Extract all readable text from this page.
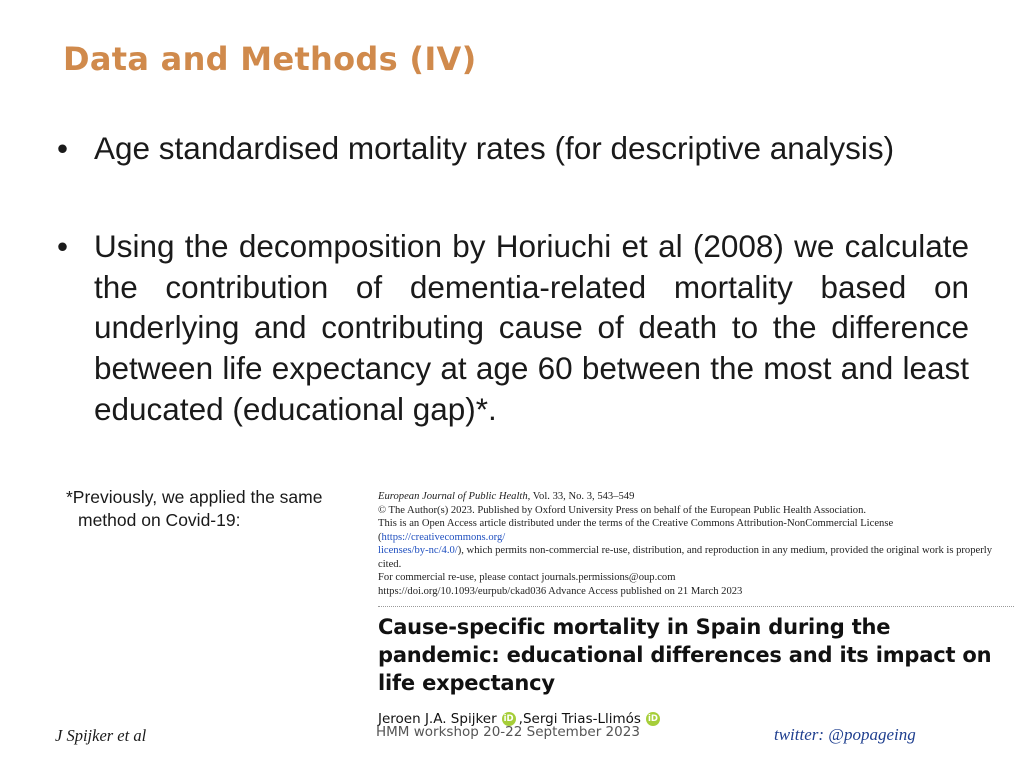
Data and Methods (IV)
• Age standardised mortality rates (for descriptive analysis)
• Using the decomposition by Horiuchi et al (2008) we calculate the contribution of dementia-related mortality based on underlying and contributing cause of death to the difference between life expectancy at age 60 between the most and least educated (educational gap)*.
*Previously, we applied the same
method on Covid-19:
European Journal of Public Health, Vol. 33, No. 3, 543–549
© The Author(s) 2023. Published by Oxford University Press on behalf of the European Public Health Association.
This is an Open Access article distributed under the terms of the Creative Commons Attribution-NonCommercial License (https://creativecommons.org/
licenses/by-nc/4.0/), which permits non-commercial re-use, distribution, and reproduction in any medium, provided the original work is properly cited.
For commercial re-use, please contact journals.permissions@oup.com
https://doi.org/10.1093/eurpub/ckad036 Advance Access published on 21 March 2023
Cause-specific mortality in Spain during the pandemic: educational differences and its impact on life expectancy
Jeroen J.A. Spijker iD , Sergi Trias-Llimós iD
J Spijker et al	HMM workshop 20-22 September 2023	twitter: @popageing
